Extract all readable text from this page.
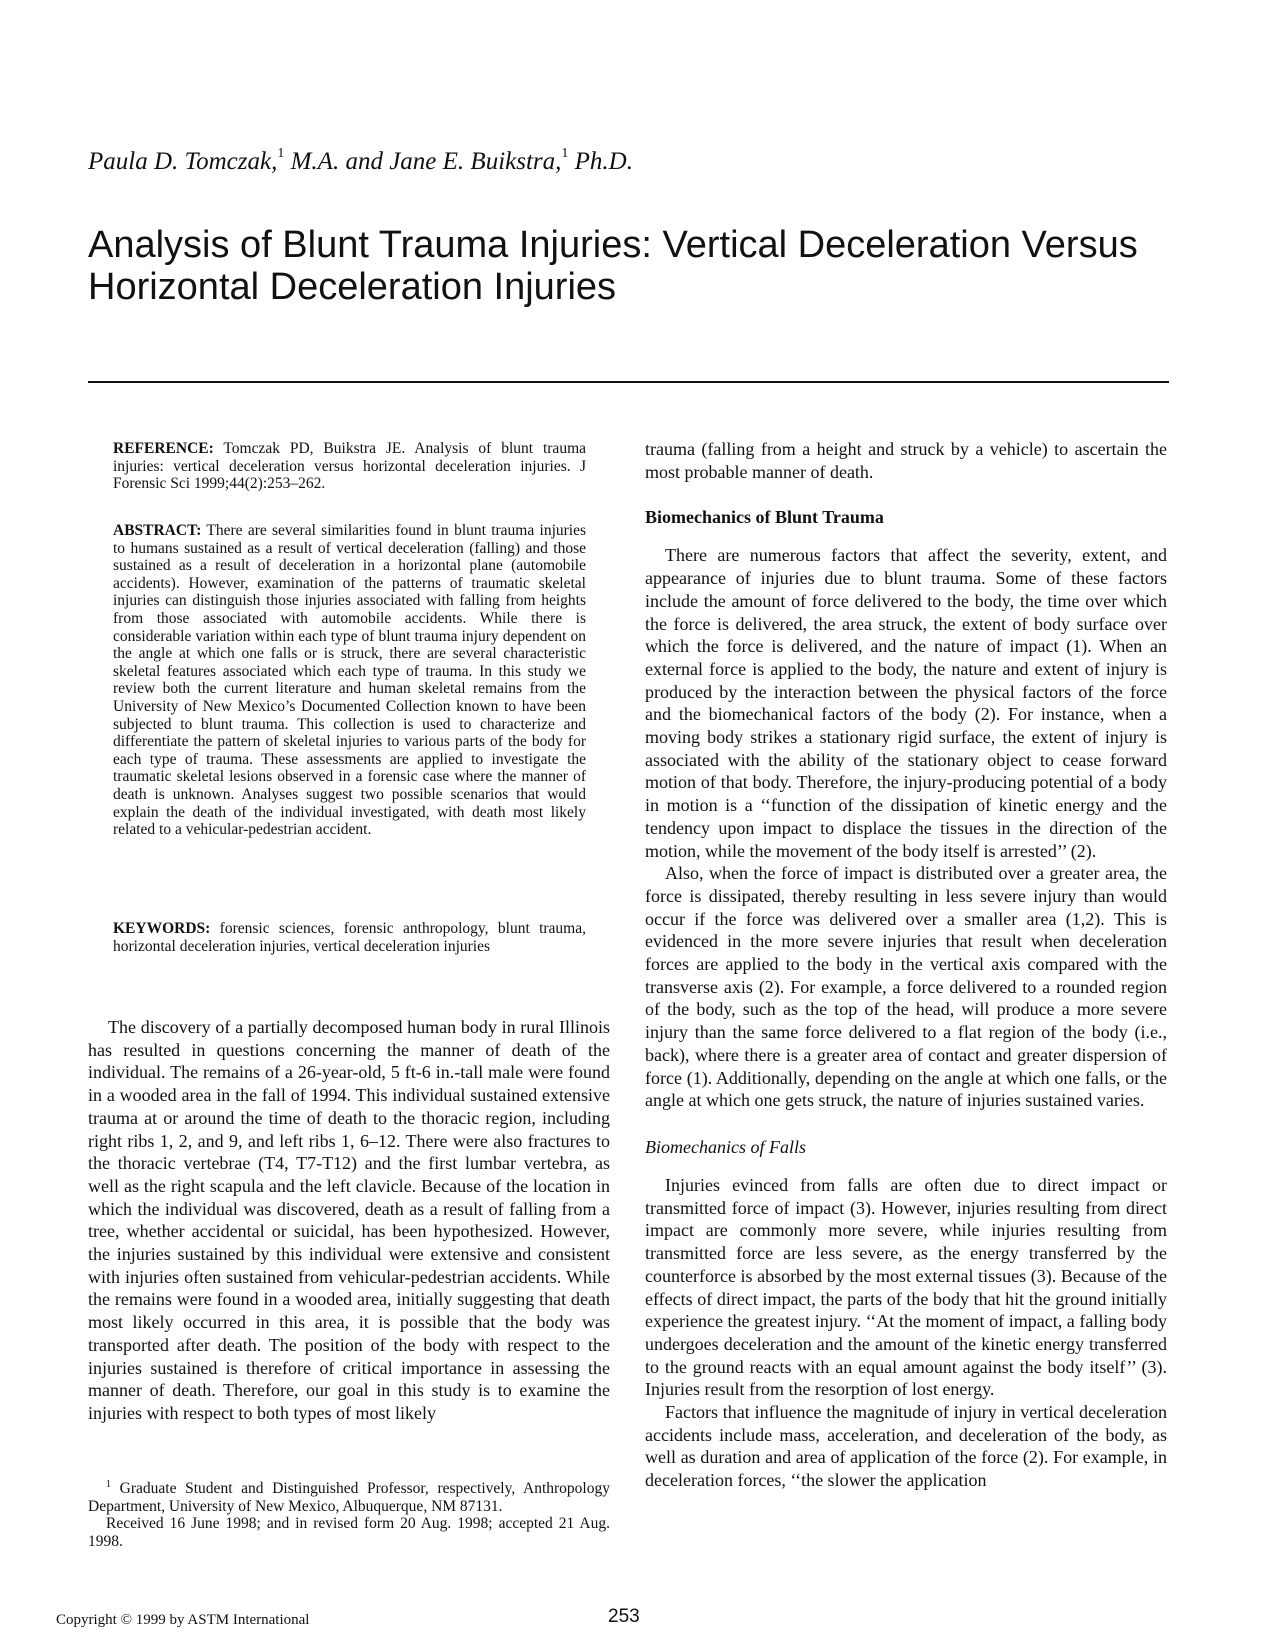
Paula D. Tomczak,$^1$ M.A. and Jane E. Buikstra,$^1$ Ph.D.
Analysis of Blunt Trauma Injuries: Vertical Deceleration Versus Horizontal Deceleration Injuries

REFERENCE: Tomczak PD, Buikstra JE. Analysis of blunt trauma injuries: vertical deceleration versus horizontal deceleration injuries. J Forensic Sci 1999;44(2):253–262.

ABSTRACT: There are several similarities found in blunt trauma injuries to humans sustained as a result of vertical deceleration (falling) and those sustained as a result of deceleration in a horizontal plane (automobile accidents). However, examination of the patterns of traumatic skeletal injuries can distinguish those injuries associated with falling from heights from those associated with automobile accidents. While there is considerable variation within each type of blunt trauma injury dependent on the angle at which one falls or is struck, there are several characteristic skeletal features associated which each type of trauma. In this study we review both the current literature and human skeletal remains from the University of New Mexico’s Documented Collection known to have been subjected to blunt trauma. This collection is used to characterize and differentiate the pattern of skeletal injuries to various parts of the body for each type of trauma. These assessments are applied to investigate the traumatic skeletal lesions observed in a forensic case where the manner of death is unknown. Analyses suggest two possible scenarios that would explain the death of the individual investigated, with death most likely related to a vehicular-pedestrian accident.

KEYWORDS: forensic sciences, forensic anthropology, blunt trauma, horizontal deceleration injuries, vertical deceleration injuries

The discovery of a partially decomposed human body in rural Illinois has resulted in questions concerning the manner of death of the individual. The remains of a 26-year-old, 5 ft-6 in.-tall male were found in a wooded area in the fall of 1994. This individual sustained extensive trauma at or around the time of death to the thoracic region, including right ribs 1, 2, and 9, and left ribs 1, 6–12. There were also fractures to the thoracic vertebrae (T4, T7-T12) and the first lumbar vertebra, as well as the right scapula and the left clavicle. Because of the location in which the individual was discovered, death as a result of falling from a tree, whether accidental or suicidal, has been hypothesized. However, the injuries sustained by this individual were extensive and consistent with injuries often sustained from vehicular-pedestrian accidents. While the remains were found in a wooded area, initially suggesting that death most likely occurred in this area, it is possible that the body was transported after death. The position of the body with respect to the injuries sustained is therefore of critical importance in assessing the manner of death. Therefore, our goal in this study is to examine the injuries with respect to both types of most likely

$^1$ Graduate Student and Distinguished Professor, respectively, Anthropology Department, University of New Mexico, Albuquerque, NM 87131.

Received 16 June 1998; and in revised form 20 Aug. 1998; accepted 21 Aug. 1998.

trauma (falling from a height and struck by a vehicle) to ascertain the most probable manner of death.

Biomechanics of Blunt Trauma

There are numerous factors that affect the severity, extent, and appearance of injuries due to blunt trauma. Some of these factors include the amount of force delivered to the body, the time over which the force is delivered, the area struck, the extent of body surface over which the force is delivered, and the nature of impact (1). When an external force is applied to the body, the nature and extent of injury is produced by the interaction between the physical factors of the force and the biomechanical factors of the body (2). For instance, when a moving body strikes a stationary rigid surface, the extent of injury is associated with the ability of the stationary object to cease forward motion of that body. Therefore, the injury-producing potential of a body in motion is a ‘‘function of the dissipation of kinetic energy and the tendency upon impact to displace the tissues in the direction of the motion, while the movement of the body itself is arrested’’ (2).

Also, when the force of impact is distributed over a greater area, the force is dissipated, thereby resulting in less severe injury than would occur if the force was delivered over a smaller area (1,2). This is evidenced in the more severe injuries that result when deceleration forces are applied to the body in the vertical axis compared with the transverse axis (2). For example, a force delivered to a rounded region of the body, such as the top of the head, will produce a more severe injury than the same force delivered to a flat region of the body (i.e., back), where there is a greater area of contact and greater dispersion of force (1). Additionally, depending on the angle at which one falls, or the angle at which one gets struck, the nature of injuries sustained varies.

Biomechanics of Falls

Injuries evinced from falls are often due to direct impact or transmitted force of impact (3). However, injuries resulting from direct impact are commonly more severe, while injuries resulting from transmitted force are less severe, as the energy transferred by the counterforce is absorbed by the most external tissues (3). Because of the effects of direct impact, the parts of the body that hit the ground initially experience the greatest injury. ‘‘At the moment of impact, a falling body undergoes deceleration and the amount of the kinetic energy transferred to the ground reacts with an equal amount against the body itself’’ (3). Injuries result from the resorption of lost energy.

Factors that influence the magnitude of injury in vertical deceleration accidents include mass, acceleration, and deceleration of the body, as well as duration and area of application of the force (2). For example, in deceleration forces, ‘‘the slower the application

Copyright © 1999 by ASTM International	253
